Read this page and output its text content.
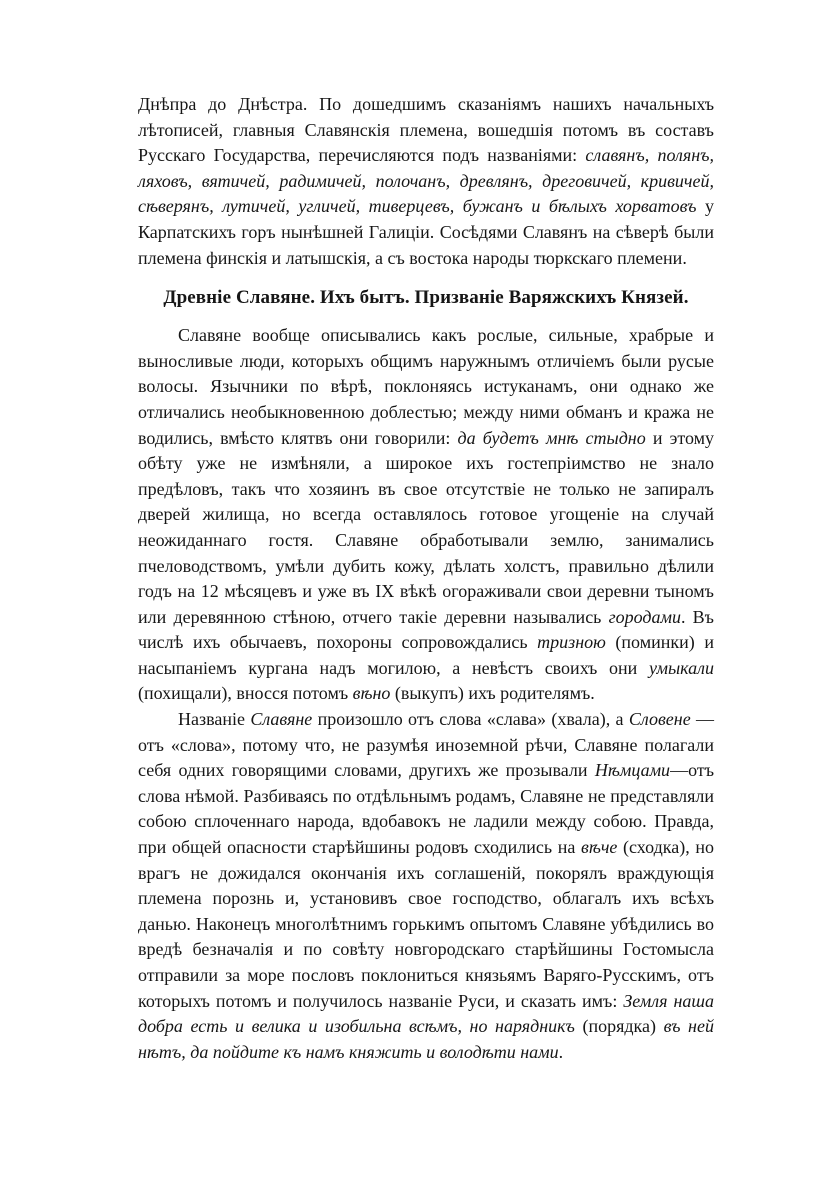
Днѣпра до Днѣстра. По дошедшимъ сказаніямъ нашихъ начальныхъ лѣтописей, главныя Славянскія племена, вошедшія потомъ въ составъ Русскаго Государства, перечисляются подъ названіями: славянъ, полянъ, ляховъ, вятичей, радимичей, полочанъ, древлянъ, дреговичей, кривичей, сѣверянъ, лутичей, угличей, тиверцевъ, бужанъ и бѣлыхъ хорватовъ у Карпатскихъ горъ нынѣшней Галиціи. Сосѣдями Славянъ на сѣверѣ были племена финскія и латышскія, а съ востока народы тюркскаго племени.

Древніе Славяне. Ихъ бытъ. Призваніе Варяжскихъ Князей.

Славяне вообще описывались какъ рослые, сильные, храбрые и выносливые люди, которыхъ общимъ наружнымъ отличіемъ были русые волосы. Язычники по вѣрѣ, поклоняясь истуканамъ, они однако же отличались необыкновенною доблестью; между ними обманъ и кража не водились, вмѣсто клятвъ они говорили: да будетъ мнѣ стыдно и этому обѣту уже не измѣняли, а широкое ихъ гостепріимство не знало предѣловъ, такъ что хозяинъ въ свое отсутствіе не только не запиралъ дверей жилища, но всегда оставлялось готовое угощеніе на случай неожиданнаго гостя. Славяне обработывали землю, занимались пчеловодствомъ, умѣли дубить кожу, дѣлать холстъ, правильно дѣлили годъ на 12 мѣсяцевъ и уже въ IX вѣкѣ огораживали свои деревни тыномъ или деревянною стѣною, отчего такіе деревни назывались городами. Въ числѣ ихъ обычаевъ, похороны сопровождались тризною (поминки) и насыпаніемъ кургана надъ могилою, а невѣстъ своихъ они умыкали (похищали), вносся потомъ вѣно (выкупъ) ихъ родителямъ.

Названіе Славяне произошло отъ слова «слава» (хвала), а Словене — отъ «слова», потому что, не разумѣя иноземной рѣчи, Славяне полагали себя одних говорящими словами, другихъ же прозывали Нѣмцами—отъ слова нѣмой. Разбиваясь по отдѣльнымъ родамъ, Славяне не представляли собою сплоченнаго народа, вдобавокъ не ладили между собою. Правда, при общей опасности старѣйшины родовъ сходились на вѣче (сходка), но врагъ не дожидался окончанія ихъ соглашеній, покорялъ враждующія племена порознь и, установивъ свое господство, облагалъ ихъ всѣхъ данью. Наконецъ многолѣтнимъ горькимъ опытомъ Славяне убѣдились во вредѣ безначалія и по совѣту новгородскаго старѣйшины Гостомысла отправили за море пословъ поклониться князьямъ Варяго-Русскимъ, отъ которыхъ потомъ и получилось названіе Руси, и сказать имъ: Земля наша добра есть и велика и изобильна всѣмъ, но нарядникъ (порядка) въ ней нѣтъ, да пойдите къ намъ княжить и володѣти нами.
